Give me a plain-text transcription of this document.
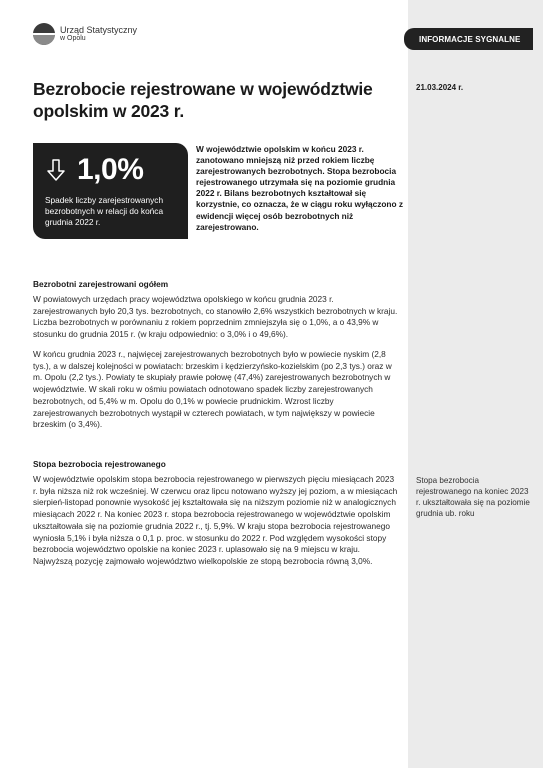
Urząd Statystyczny
w Opolu	INFORMACJE SYGNALNE
Bezrobocie rejestrowane w województwie opolskim w 2023 r.
21.03.2024 r.
1,0%
Spadek liczby zarejestrowanych bezrobotnych w relacji do końca grudnia 2022 r.

W województwie opolskim w końcu 2023 r. zanotowano mniejszą niż przed rokiem liczbę zarejestrowanych bezrobotnych. Stopa bezrobocia rejestrowanego utrzymała się na poziomie grudnia 2022 r. Bilans bezrobotnych kształtował się korzystnie, co oznacza, że w ciągu roku wyłączono z ewidencji więcej osób bezrobotnych niż zarejestrowano.

Bezrobotni zarejestrowani ogółem

W powiatowych urzędach pracy województwa opolskiego w końcu grudnia 2023 r. zarejestrowanych było 20,3 tys. bezrobotnych, co stanowiło 2,6% wszystkich bezrobotnych w kraju. Liczba bezrobotnych w porównaniu z rokiem poprzednim zmniejszyła się o 1,0%, a o 43,9% w stosunku do grudnia 2015 r. (w kraju odpowiednio: o 3,0% i o 49,6%).

W końcu grudnia 2023 r., najwięcej zarejestrowanych bezrobotnych było w powiecie nyskim (2,8 tys.), a w dalszej kolejności w powiatach: brzeskim i kędzierzyńsko-kozielskim (po 2,3 tys.) oraz w m. Opolu (2,2 tys.). Powiaty te skupiały prawie połowę (47,4%) zarejestrowanych bezrobotnych w województwie. W skali roku w ośmiu powiatach odnotowano spadek liczby zarejestrowanych bezrobotnych, od 5,4% w m. Opolu do 0,1% w powiecie prudnickim. Wzrost liczby zarejestrowanych bezrobotnych wystąpił w czterech powiatach, w tym największy w powiecie brzeskim (o 3,4%).

Stopa bezrobocia rejestrowanego

W województwie opolskim stopa bezrobocia rejestrowanego w pierwszych pięciu miesiącach 2023 r. była niższa niż rok wcześniej. W czerwcu oraz lipcu notowano wyższy jej poziom, a w miesiącach sierpień-listopad ponownie wysokość jej kształtowała się na niższym poziomie niż w analogicznych miesiącach 2022 r. Na koniec 2023 r. stopa bezrobocia rejestrowanego w województwie opolskim ukształtowała się na poziomie grudnia 2022 r., tj. 5,9%. W kraju stopa bezrobocia rejestrowanego wyniosła 5,1% i była niższa o 0,1 p. proc. w stosunku do 2022 r. Pod względem wysokości stopy bezrobocia województwo opolskie na koniec 2023 r. uplasowało się na 9 miejscu w kraju. Najwyższą pozycję zajmowało województwo wielkopolskie ze stopą bezrobocia równą 3,0%.

Stopa bezrobocia rejestrowanego na koniec 2023 r. ukształtowała się na poziomie grudnia ub. roku
